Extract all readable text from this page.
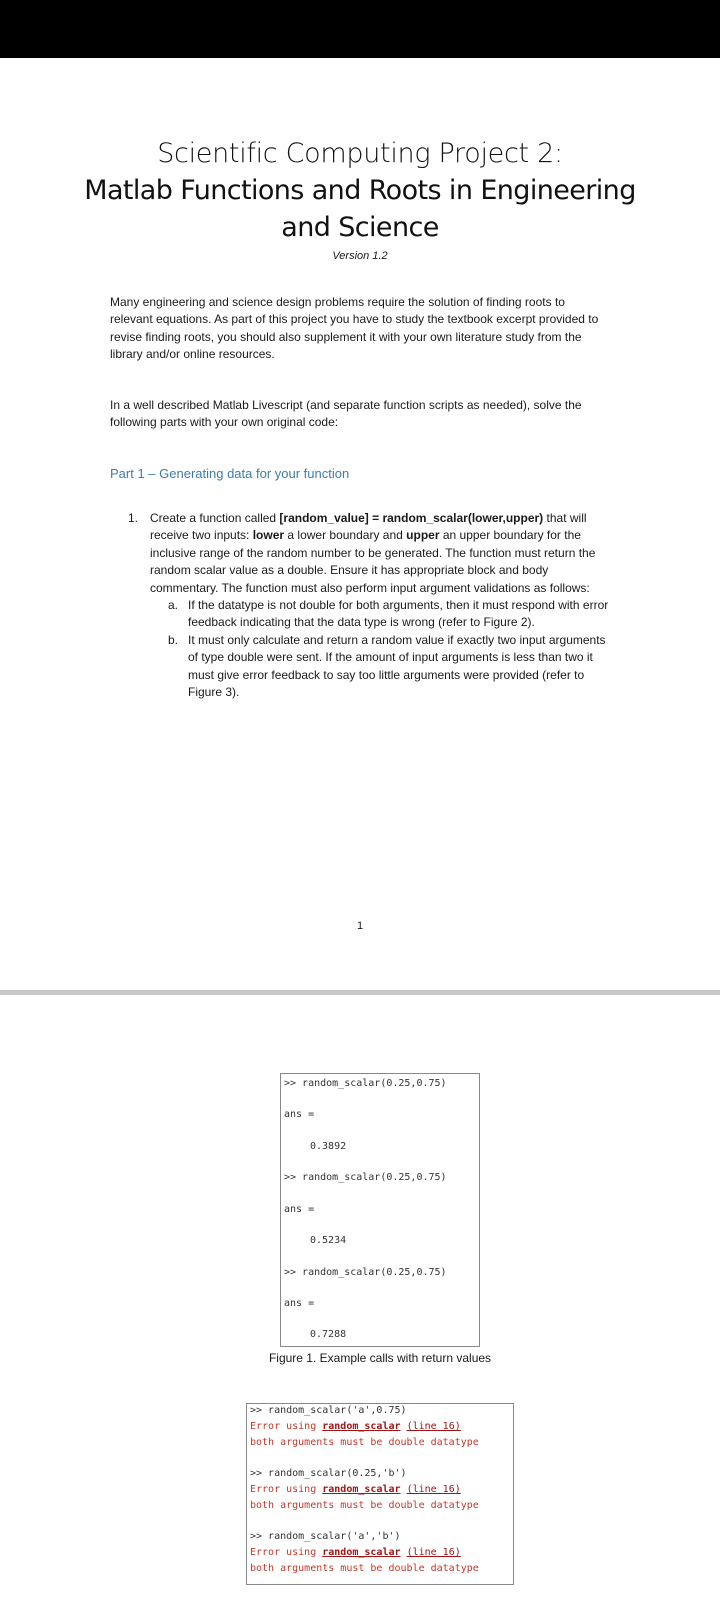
Scientific Computing Project 2:
Matlab Functions and Roots in Engineering
and Science
Version 1.2
Many engineering and science design problems require the solution of finding roots to relevant equations. As part of this project you have to study the textbook excerpt provided to revise finding roots, you should also supplement it with your own literature study from the library and/or online resources.
In a well described Matlab Livescript (and separate function scripts as needed), solve the following parts with your own original code:
Part 1 – Generating data for your function
1. Create a function called [random_value] = random_scalar(lower,upper) that will receive two inputs: lower a lower boundary and upper an upper boundary for the inclusive range of the random number to be generated. The function must return the random scalar value as a double. Ensure it has appropriate block and body commentary. The function must also perform input argument validations as follows:
a. If the datatype is not double for both arguments, then it must respond with error feedback indicating that the data type is wrong (refer to Figure 2).
b. It must only calculate and return a random value if exactly two input arguments of type double were sent. If the amount of input arguments is less than two it must give error feedback to say too little arguments were provided (refer to Figure 3).
1
>> random_scalar(0.25,0.75)
ans =
0.3892
>> random_scalar(0.25,0.75)
ans =
0.5234
>> random_scalar(0.25,0.75)
ans =
0.7288
Figure 1. Example calls with return values
>> random_scalar('a',0.75)
Error using random_scalar (line 16)
both arguments must be double datatype
>> random_scalar(0.25,'b')
Error using random_scalar (line 16)
both arguments must be double datatype
>> random_scalar('a','b')
Error using random_scalar (line 16)
both arguments must be double datatype
